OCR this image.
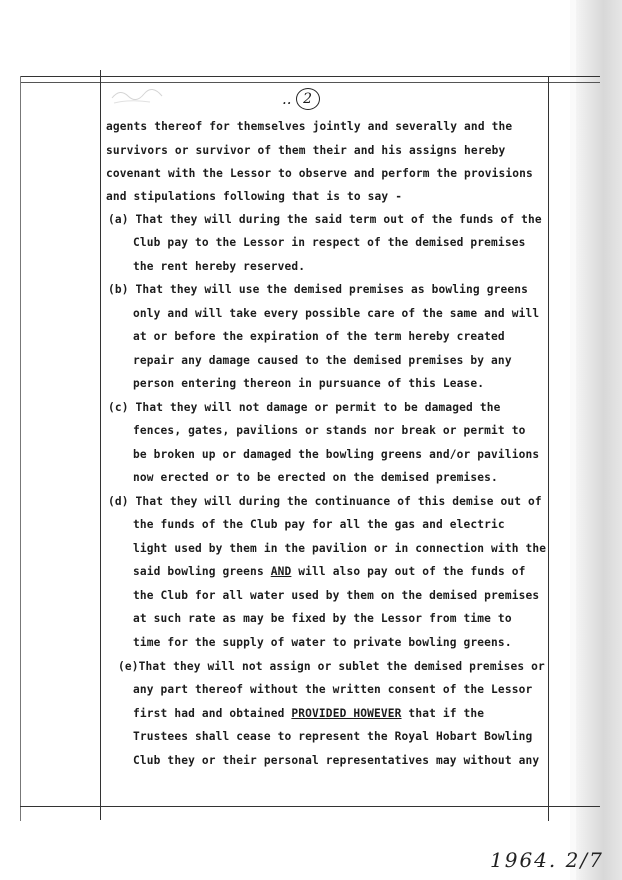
.. 2
agents thereof for themselves jointly and severally and the
survivors or survivor of them their and his assigns hereby
covenant with the Lessor to observe and perform the provisions
and stipulations following that is to say -
(a) That they will during the said term out of the funds of the
Club pay to the Lessor in respect of the demised premises
the rent hereby reserved.
(b) That they will use the demised premises as bowling greens
only and will take every possible care of the same and will
at or before the expiration of the term hereby created
repair any damage caused to the demised premises by any
person entering thereon in pursuance of this Lease.
(c) That they will not damage or permit to be damaged the
fences, gates, pavilions or stands nor break or permit to
be broken up or damaged the bowling greens and/or pavilions
now erected or to be erected on the demised premises.
(d) That they will during the continuance of this demise out of
the funds of the Club pay for all the gas and electric
light used by them in the pavilion or in connection with the
said bowling greens AND will also pay out of the funds of
the Club for all water used by them on the demised premises
at such rate as may be fixed by the Lessor from time to
time for the supply of water to private bowling greens.
(e)That they will not assign or sublet the demised premises or
any part thereof without the written consent of the Lessor
first had and obtained PROVIDED HOWEVER that if the
Trustees shall cease to represent the Royal Hobart Bowling
Club they or their personal representatives may without any
1964. 2/7
